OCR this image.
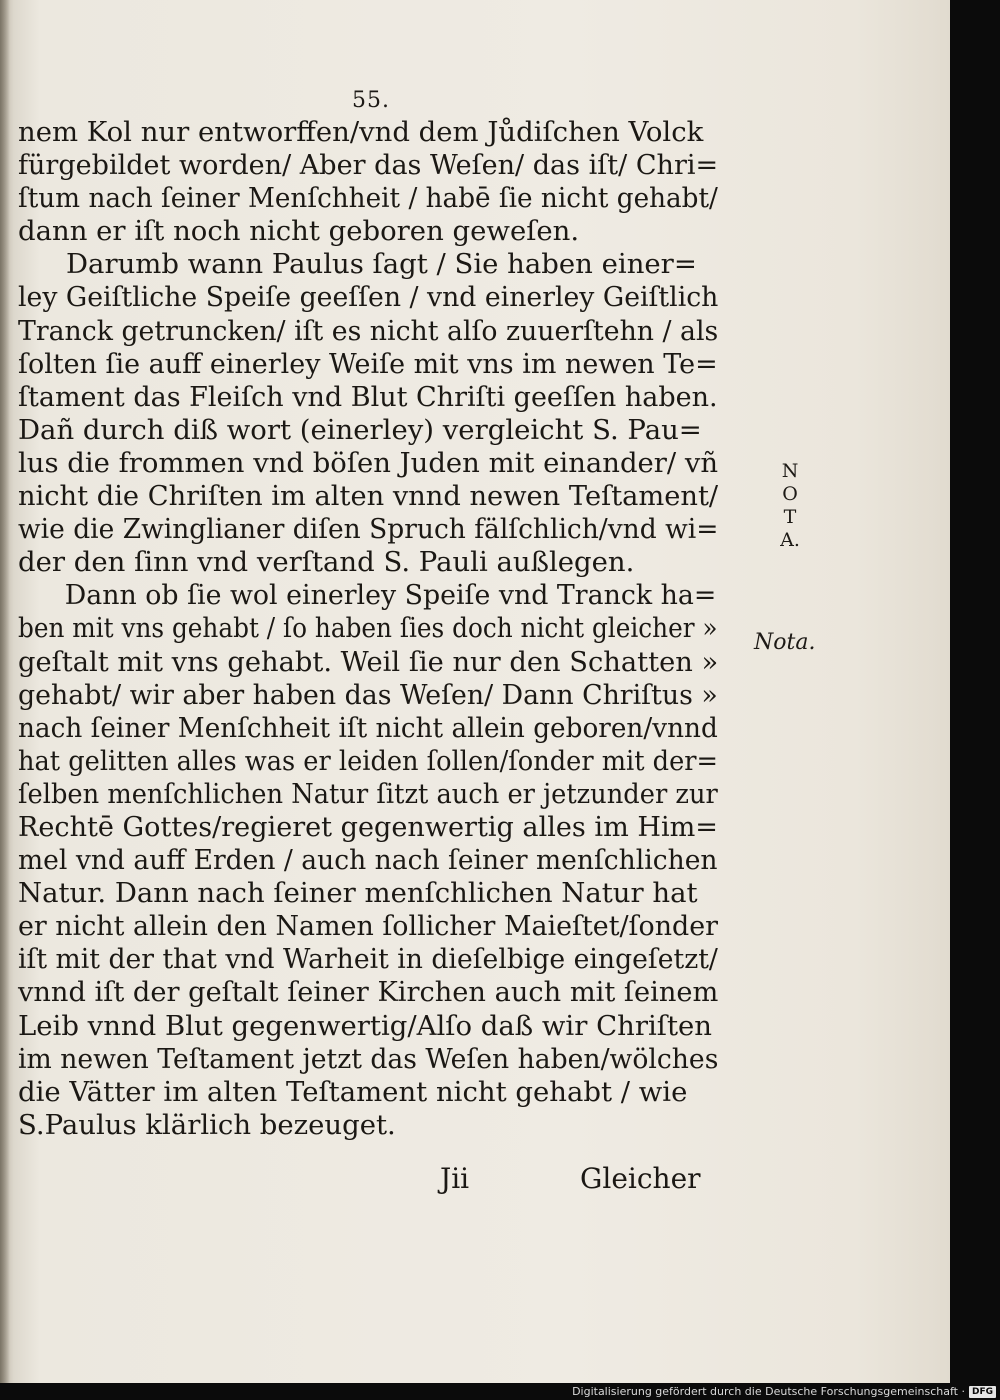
55.
nem Kol nur entworffen/vnd dem Jůdiſchen Volck
fürgebildet worden/ Aber das Weſen/ das iſt/ Chri=
ſtum nach ſeiner Menſchheit / habē ſie nicht gehabt/
dann er iſt noch nicht geboren geweſen.
Darumb wann Paulus ſagt / Sie haben einer=
ley Geiſtliche Speiſe geeſſen / vnd einerley Geiſtlich
Tranck getruncken/ iſt es nicht alſo zuuerſtehn / als
ſolten ſie auff einerley Weiſe mit vns im newen Te=
ſtament das Fleiſch vnd Blut Chriſti geeſſen haben.
Dañ durch diß wort (einerley) vergleicht S. Pau=
lus die frommen vnd böſen Juden mit einander/ vñ
nicht die Chriſten im alten vnnd newen Teſtament/
wie die Zwinglianer diſen Spruch fälſchlich/vnd wi=
der den ſinn vnd verſtand S. Pauli außlegen.
Dann ob ſie wol einerley Speiſe vnd Tranck ha=
ben mit vns gehabt / ſo haben ſies doch nicht gleicher »
geſtalt mit vns gehabt. Weil ſie nur den Schatten »
gehabt/ wir aber haben das Weſen/ Dann Chriſtus »
nach ſeiner Menſchheit iſt nicht allein geboren/vnnd
hat gelitten alles was er leiden ſollen/ſonder mit der=
ſelben menſchlichen Natur ſitzt auch er jetzunder zur
Rechtē Gottes/regieret gegenwertig alles im Him=
mel vnd auff Erden / auch nach ſeiner menſchlichen
Natur. Dann nach ſeiner menſchlichen Natur hat
er nicht allein den Namen ſollicher Maieſtet/ſonder
iſt mit der that vnd Warheit in dieſelbige eingeſetzt/
vnnd iſt der geſtalt ſeiner Kirchen auch mit ſeinem
Leib vnnd Blut gegenwertig/Alſo daß wir Chriſten
im newen Teſtament jetzt das Weſen haben/wölches
die Vätter im alten Teſtament nicht gehabt / wie
S.Paulus klärlich bezeuget.
N
O
T
A.
Nota.
Jii	Gleicher
Digitalisierung gefördert durch die Deutsche Forschungsgemeinschaft · DFG
